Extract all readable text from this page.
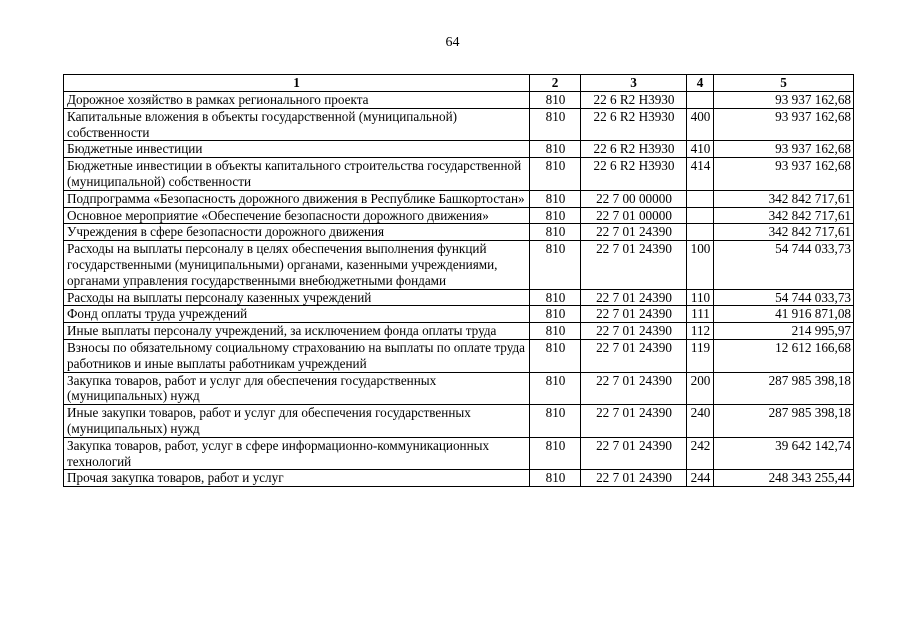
64
1	2	3	4	5
Дорожное хозяйство в рамках регионального проекта	810	22 6 R2 Н3930		93 937 162,68
Капитальные вложения в объекты государственной (муниципальной) собственности	810	22 6 R2 Н3930	400	93 937 162,68
Бюджетные инвестиции	810	22 6 R2 Н3930	410	93 937 162,68
Бюджетные инвестиции в объекты капитального строительства государственной (муниципальной) собственности	810	22 6 R2 Н3930	414	93 937 162,68
Подпрограмма «Безопасность дорожного движения в Республике Башкортостан»	810	22 7 00 00000		342 842 717,61
Основное мероприятие «Обеспечение безопасности дорожного движения»	810	22 7 01 00000		342 842 717,61
Учреждения в сфере безопасности дорожного движения	810	22 7 01 24390		342 842 717,61
Расходы на выплаты персоналу в целях обеспечения выполнения функций государственными (муниципальными) органами, казенными учреждениями, органами управления государственными внебюджетными фондами	810	22 7 01 24390	100	54 744 033,73
Расходы на выплаты персоналу казенных учреждений	810	22 7 01 24390	110	54 744 033,73
Фонд оплаты труда учреждений	810	22 7 01 24390	111	41 916 871,08
Иные выплаты персоналу учреждений, за исключением фонда оплаты труда	810	22 7 01 24390	112	214 995,97
Взносы по обязательному социальному страхованию на выплаты по оплате труда работников и иные выплаты работникам учреждений	810	22 7 01 24390	119	12 612 166,68
Закупка товаров, работ и услуг для обеспечения государственных (муниципальных) нужд	810	22 7 01 24390	200	287 985 398,18
Иные закупки товаров, работ и услуг для обеспечения государственных (муниципальных) нужд	810	22 7 01 24390	240	287 985 398,18
Закупка товаров, работ, услуг в сфере информационно-коммуникационных технологий	810	22 7 01 24390	242	39 642 142,74
Прочая закупка товаров, работ и услуг	810	22 7 01 24390	244	248 343 255,44
